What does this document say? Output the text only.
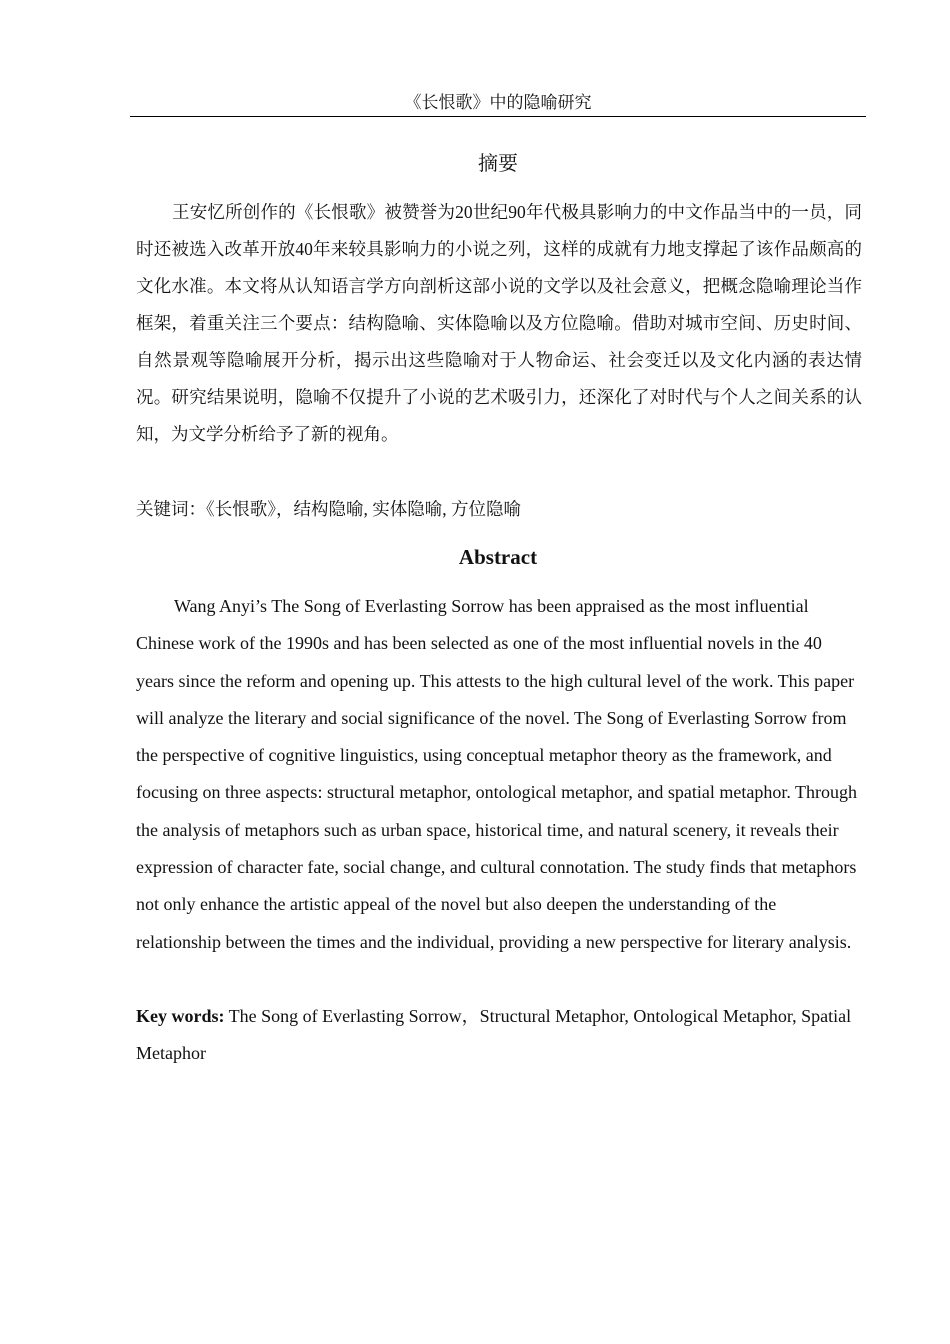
《长恨歌》中的隐喻研究
摘要

王安忆所创作的《长恨歌》被赞誉为20世纪90年代极具影响力的中文作品当中的一员，同时还被选入改革开放40年来较具影响力的小说之列，这样的成就有力地支撑起了该作品颇高的文化水准。本文将从认知语言学方向剖析这部小说的文学以及社会意义，把概念隐喻理论当作框架，着重关注三个要点：结构隐喻、实体隐喻以及方位隐喻。借助对城市空间、历史时间、自然景观等隐喻展开分析，揭示出这些隐喻对于人物命运、社会变迁以及文化内涵的表达情况。研究结果说明，隐喻不仅提升了小说的艺术吸引力，还深化了对时代与个人之间关系的认知，为文学分析给予了新的视角。

关键词：《长恨歌》，结构隐喻, 实体隐喻, 方位隐喻

Abstract

Wang Anyi’s The Song of Everlasting Sorrow has been appraised as the most influential Chinese work of the 1990s and has been selected as one of the most influential novels in the 40 years since the reform and opening up. This attests to the high cultural level of the work. This paper will analyze the literary and social significance of the novel. The Song of Everlasting Sorrow from the perspective of cognitive linguistics, using conceptual metaphor theory as the framework, and focusing on three aspects: structural metaphor, ontological metaphor, and spatial metaphor. Through the analysis of metaphors such as urban space, historical time, and natural scenery, it reveals their expression of character fate, social change, and cultural connotation. The study finds that metaphors not only enhance the artistic appeal of the novel but also deepen the understanding of the relationship between the times and the individual, providing a new perspective for literary analysis.

Key words: The Song of Everlasting Sorrow，Structural Metaphor, Ontological Metaphor, Spatial Metaphor
